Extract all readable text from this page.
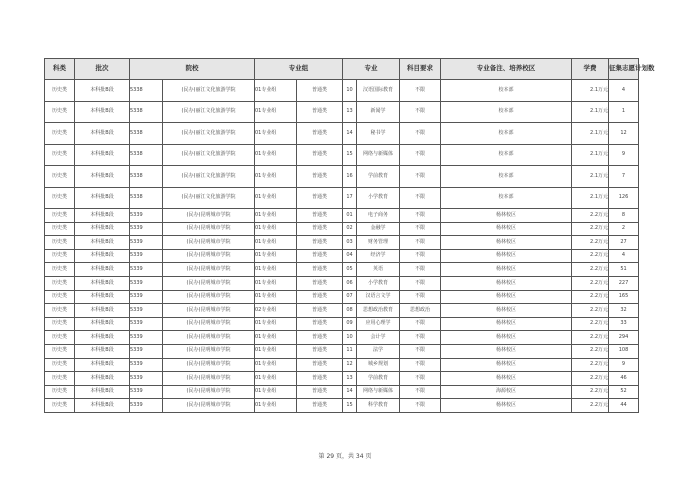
科类	批次	院校		专业组		专业		科目要求	专业备注、培养校区	学费	征集志愿计划数
历史类	本科批B段	5338	(民办)丽江文化旅游学院	01专业组	普通类	10	汉语国际教育	不限	校本部	2.1万元	4
历史类	本科批B段	5338	(民办)丽江文化旅游学院	01专业组	普通类	13	新闻学	不限	校本部	2.1万元	1
历史类	本科批B段	5338	(民办)丽江文化旅游学院	01专业组	普通类	14	秘书学	不限	校本部	2.1万元	12
历史类	本科批B段	5338	(民办)丽江文化旅游学院	01专业组	普通类	15	网络与新媒体	不限	校本部	2.1万元	9
历史类	本科批B段	5338	(民办)丽江文化旅游学院	01专业组	普通类	16	学前教育	不限	校本部	2.1万元	7
历史类	本科批B段	5338	(民办)丽江文化旅游学院	01专业组	普通类	17	小学教育	不限	校本部	2.1万元	126
历史类	本科批B段	5339	(民办)昆明城市学院	01专业组	普通类	01	电子商务	不限	杨林校区	2.2万元	8
历史类	本科批B段	5339	(民办)昆明城市学院	01专业组	普通类	02	金融学	不限	杨林校区	2.2万元	2
历史类	本科批B段	5339	(民办)昆明城市学院	01专业组	普通类	03	财务管理	不限	杨林校区	2.2万元	27
历史类	本科批B段	5339	(民办)昆明城市学院	01专业组	普通类	04	经济学	不限	杨林校区	2.2万元	4
历史类	本科批B段	5339	(民办)昆明城市学院	01专业组	普通类	05	英语	不限	杨林校区	2.2万元	51
历史类	本科批B段	5339	(民办)昆明城市学院	01专业组	普通类	06	小学教育	不限	杨林校区	2.2万元	227
历史类	本科批B段	5339	(民办)昆明城市学院	01专业组	普通类	07	汉语言文学	不限	杨林校区	2.2万元	165
历史类	本科批B段	5339	(民办)昆明城市学院	02专业组	普通类	08	思想政治教育	思想政治	杨林校区	2.2万元	32
历史类	本科批B段	5339	(民办)昆明城市学院	01专业组	普通类	09	应用心理学	不限	杨林校区	2.2万元	33
历史类	本科批B段	5339	(民办)昆明城市学院	01专业组	普通类	10	会计学	不限	杨林校区	2.2万元	294
历史类	本科批B段	5339	(民办)昆明城市学院	01专业组	普通类	11	法学	不限	杨林校区	2.2万元	108
历史类	本科批B段	5339	(民办)昆明城市学院	01专业组	普通类	12	城乡规划	不限	杨林校区	2.2万元	9
历史类	本科批B段	5339	(民办)昆明城市学院	01专业组	普通类	13	学前教育	不限	杨林校区	2.2万元	46
历史类	本科批B段	5339	(民办)昆明城市学院	01专业组	普通类	14	网络与新媒体	不限	海源校区	2.2万元	52
历史类	本科批B段	5339	(民办)昆明城市学院	01专业组	普通类	15	科学教育	不限	杨林校区	2.2万元	44
第 29 页，共 34 页
